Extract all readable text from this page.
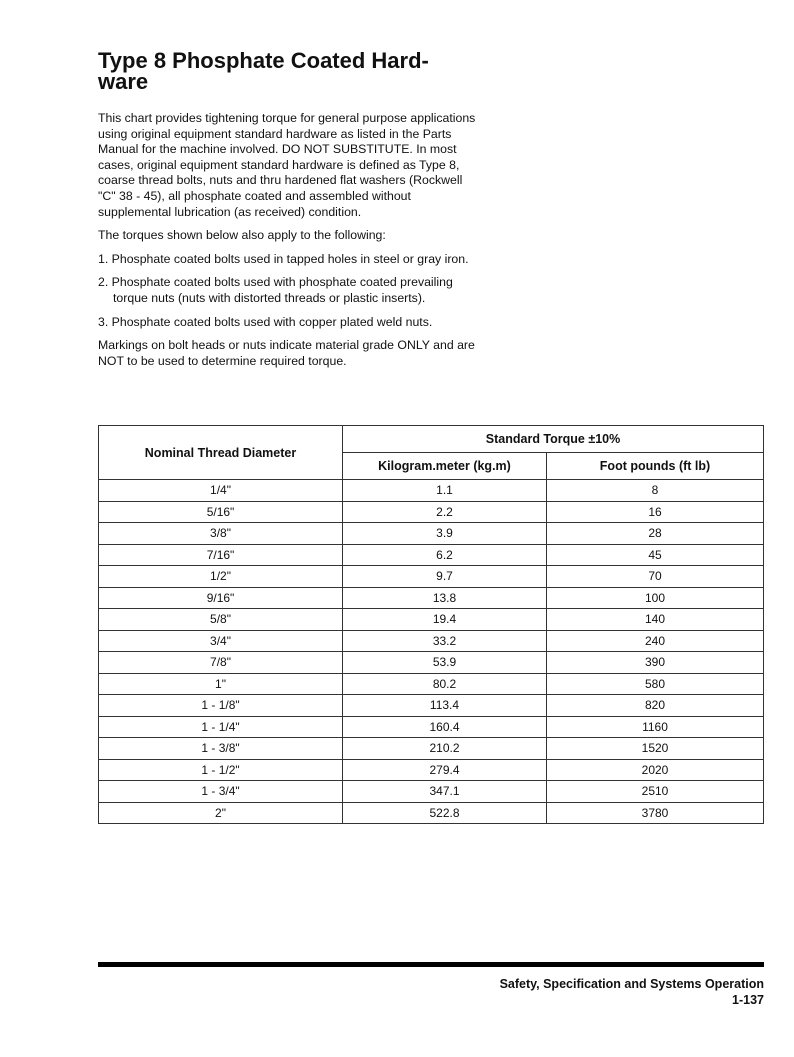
Type 8 Phosphate Coated Hard-
ware

This chart provides tightening torque for general purpose applications using original equipment standard hardware as listed in the Parts Manual for the machine involved. DO NOT SUBSTITUTE. In most cases, original equipment standard hardware is defined as Type 8, coarse thread bolts, nuts and thru hardened flat washers (Rockwell "C" 38 - 45), all phosphate coated and assembled without supplemental lubrication (as received) condition.

The torques shown below also apply to the following:

1. Phosphate coated bolts used in tapped holes in steel or gray iron.
2. Phosphate coated bolts used with phosphate coated prevailing torque nuts (nuts with distorted threads or plastic inserts).
3. Phosphate coated bolts used with copper plated weld nuts.

Markings on bolt heads or nuts indicate material grade ONLY and are NOT to be used to determine required torque.

Nominal Thread Diameter	Standard Torque ±10%	
	Kilogram.meter (kg.m)	Foot pounds (ft lb)
1/4"	1.1	8
5/16"	2.2	16
3/8"	3.9	28
7/16"	6.2	45
1/2"	9.7	70
9/16"	13.8	100
5/8"	19.4	140
3/4"	33.2	240
7/8"	53.9	390
1"	80.2	580
1 - 1/8"	113.4	820
1 - 1/4"	160.4	1160
1 - 3/8"	210.2	1520
1 - 1/2"	279.4	2020
1 - 3/4"	347.1	2510
2"	522.8	3780
Safety, Specification and Systems Operation
1-137
